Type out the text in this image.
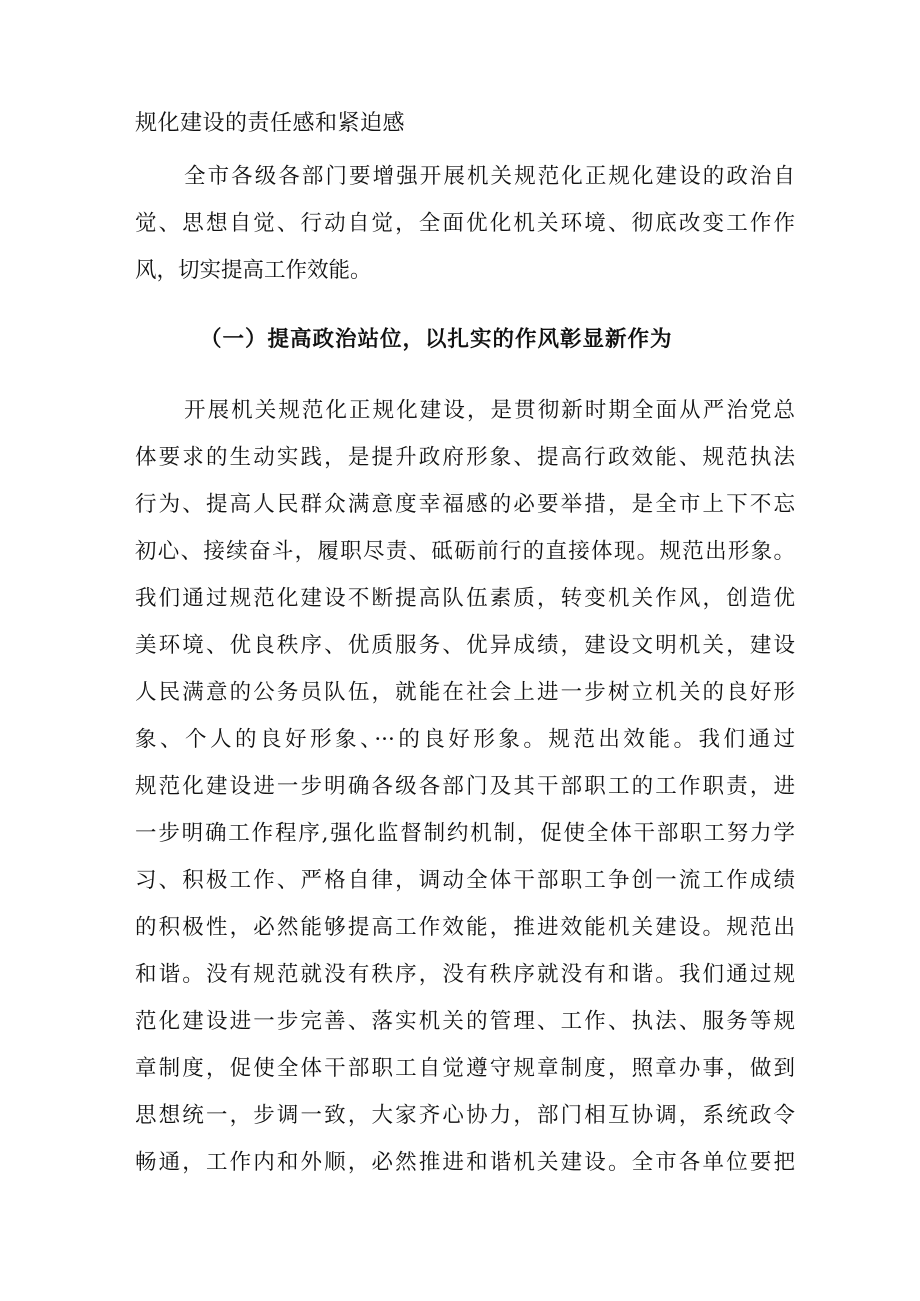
规化建设的责任感和紧迫感
全市各级各部门要增强开展机关规范化正规化建设的政治自
觉、思想自觉、行动自觉，全面优化机关环境、彻底改变工作作
风，切实提高工作效能。
（一）提高政治站位，以扎实的作风彰显新作为
开展机关规范化正规化建设，是贯彻新时期全面从严治党总
体要求的生动实践，是提升政府形象、提高行政效能、规范执法
行为、提高人民群众满意度幸福感的必要举措，是全市上下不忘
初心、接续奋斗，履职尽责、砥砺前行的直接体现。规范出形象。
我们通过规范化建设不断提高队伍素质，转变机关作风，创造优
美环境、优良秩序、优质服务、优异成绩，建设文明机关，建设
人民满意的公务员队伍，就能在社会上进一步树立机关的良好形
象、个人的良好形象、···的良好形象。规范出效能。我们通过
规范化建设进一步明确各级各部门及其干部职工的工作职责，进
一步明确工作程序,强化监督制约机制，促使全体干部职工努力学
习、积极工作、严格自律，调动全体干部职工争创一流工作成绩
的积极性，必然能够提高工作效能，推进效能机关建设。规范出
和谐。没有规范就没有秩序，没有秩序就没有和谐。我们通过规
范化建设进一步完善、落实机关的管理、工作、执法、服务等规
章制度，促使全体干部职工自觉遵守规章制度，照章办事，做到
思想统一，步调一致，大家齐心协力，部门相互协调，系统政令
畅通，工作内和外顺，必然推进和谐机关建设。全市各单位要把
